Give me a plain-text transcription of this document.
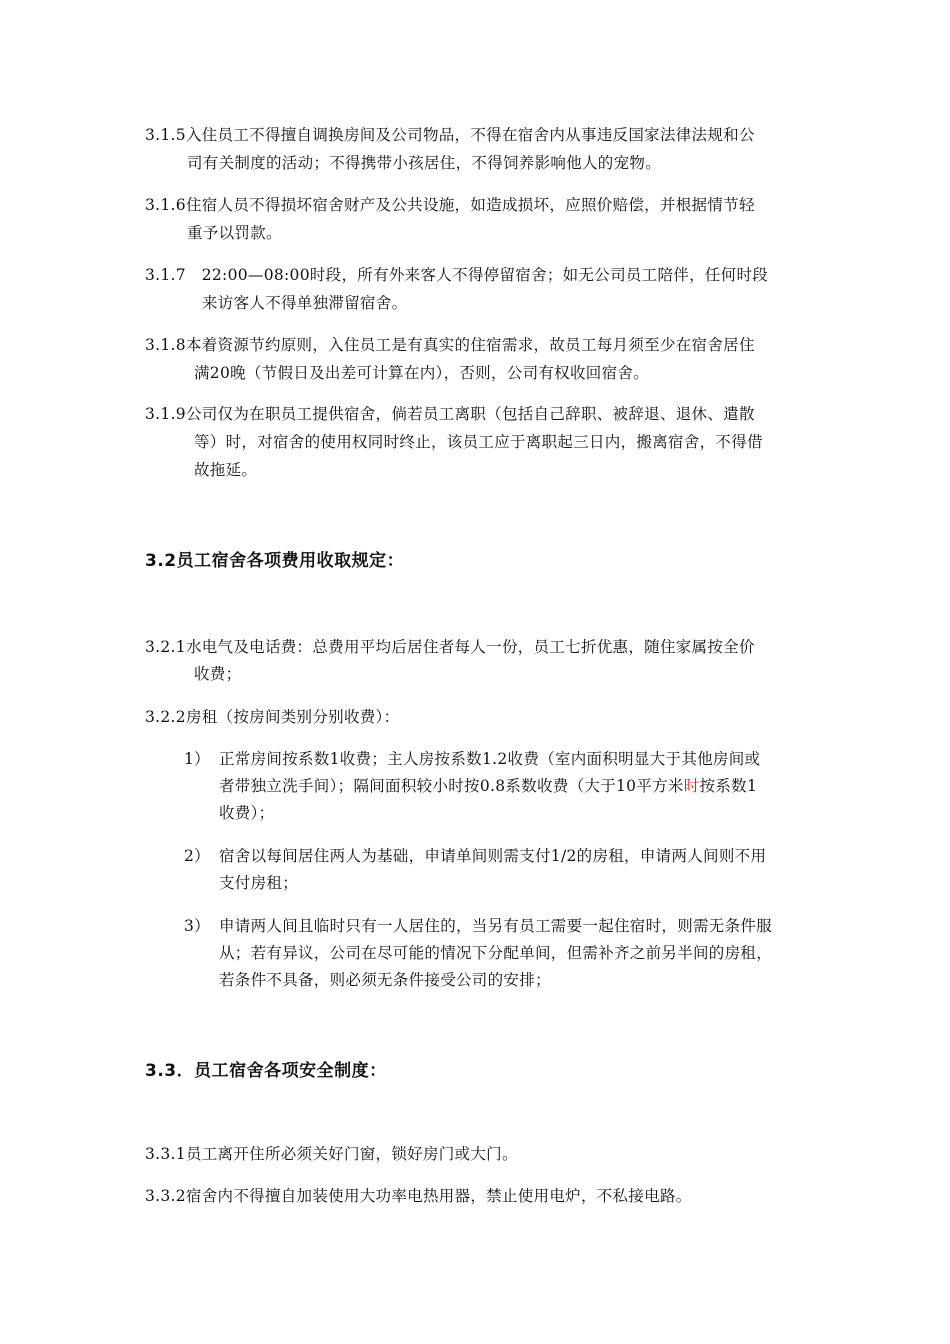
3.1.5入住员工不得擅自调换房间及公司物品，不得在宿舍内从事违反国家法律法规和公
司有关制度的活动；不得携带小孩居住，不得饲养影响他人的宠物。
3.1.6住宿人员不得损坏宿舍财产及公共设施，如造成损坏，应照价赔偿，并根据情节轻
重予以罚款。
3.1.7　22:00—08:00时段，所有外来客人不得停留宿舍；如无公司员工陪伴，任何时段
来访客人不得单独滞留宿舍。
3.1.8本着资源节约原则，入住员工是有真实的住宿需求，故员工每月须至少在宿舍居住
满20晚（节假日及出差可计算在内），否则，公司有权收回宿舍。
3.1.9公司仅为在职员工提供宿舍，倘若员工离职（包括自己辞职、被辞退、退休、遣散
等）时，对宿舍的使用权同时终止，该员工应于离职起三日内，搬离宿舍，不得借
故拖延。
3.2员工宿舍各项费用收取规定：
3.2.1水电气及电话费：总费用平均后居住者每人一份，员工七折优惠，随住家属按全价
收费；
3.2.2房租（按房间类别分别收费）：
1） 正常房间按系数1收费；主人房按系数1.2收费（室内面积明显大于其他房间或
者带独立洗手间）；隔间面积较小时按0.8系数收费（大于10平方米时按系数1
收费）；
2） 宿舍以每间居住两人为基础，申请单间则需支付1/2的房租，申请两人间则不用
支付房租；
3） 申请两人间且临时只有一人居住的，当另有员工需要一起住宿时，则需无条件服
从；若有异议，公司在尽可能的情况下分配单间，但需补齐之前另半间的房租，
若条件不具备，则必须无条件接受公司的安排；
3.3．员工宿舍各项安全制度：
3.3.1员工离开住所必须关好门窗，锁好房门或大门。
3.3.2宿舍内不得擅自加装使用大功率电热用器，禁止使用电炉，不私接电路。
